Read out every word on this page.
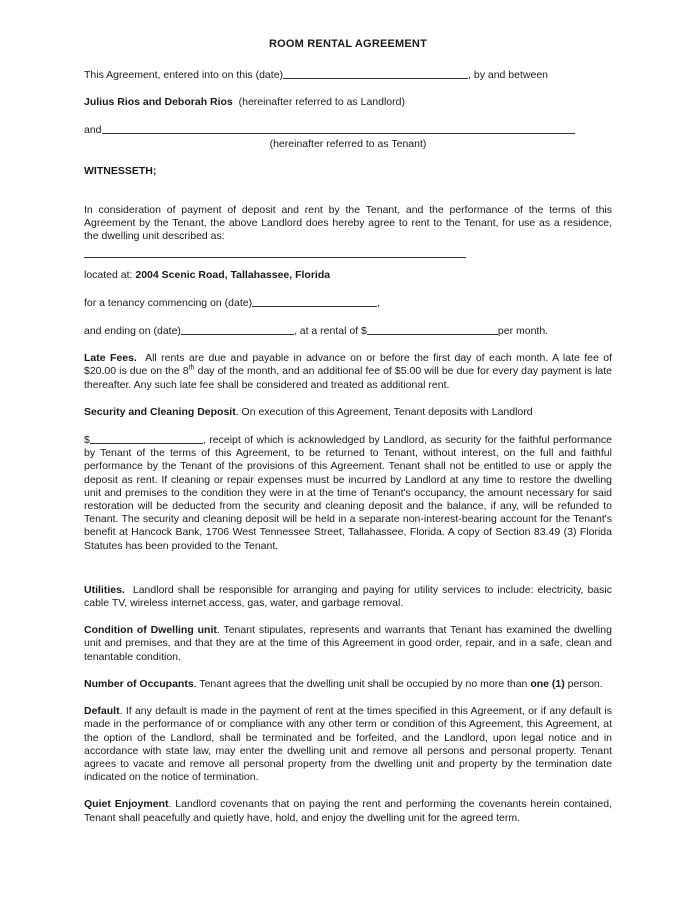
ROOM RENTAL AGREEMENT

This Agreement, entered into on this (date)	, by and between

Julius Rios and Deborah Rios (hereinafter referred to as Landlord)

and

(hereinafter referred to as Tenant)

WITNESSETH;

In consideration of payment of deposit and rent by the Tenant, and the performance of the terms of this Agreement by the Tenant, the above Landlord does hereby agree to rent to the Tenant, for use as a residence, the dwelling unit described as:

located at: 2004 Scenic Road, Tallahassee, Florida

for a tenancy commencing on (date)	,

and ending on (date)	, at a rental of $	per month.

Late Fees. All rents are due and payable in advance on or before the first day of each month. A late fee of $20.00 is due on the 8th day of the month, and an additional fee of $5.00 will be due for every day payment is late thereafter. Any such late fee shall be considered and treated as additional rent.

Security and Cleaning Deposit. On execution of this Agreement, Tenant deposits with Landlord

$	, receipt of which is acknowledged by Landlord, as security for the faithful performance by Tenant of the terms of this Agreement, to be returned to Tenant, without interest, on the full and faithful performance by the Tenant of the provisions of this Agreement. Tenant shall not be entitled to use or apply the deposit as rent. If cleaning or repair expenses must be incurred by Landlord at any time to restore the dwelling unit and premises to the condition they were in at the time of Tenant's occupancy, the amount necessary for said restoration will be deducted from the security and cleaning deposit and the balance, if any, will be refunded to Tenant. The security and cleaning deposit will be held in a separate non-interest-bearing account for the Tenant's benefit at Hancock Bank, 1706 West Tennessee Street, Tallahassee, Florida. A copy of Section 83.49 (3) Florida Statutes has been provided to the Tenant.

Utilities. Landlord shall be responsible for arranging and paying for utility services to include: electricity, basic cable TV, wireless internet access, gas, water, and garbage removal.

Condition of Dwelling unit. Tenant stipulates, represents and warrants that Tenant has examined the dwelling unit and premises, and that they are at the time of this Agreement in good order, repair, and in a safe, clean and tenantable condition.

Number of Occupants. Tenant agrees that the dwelling unit shall be occupied by no more than one (1) person.

Default. If any default is made in the payment of rent at the times specified in this Agreement, or if any default is made in the performance of or compliance with any other term or condition of this Agreement, this Agreement, at the option of the Landlord, shall be terminated and be forfeited, and the Landlord, upon legal notice and in accordance with state law, may enter the dwelling unit and remove all persons and personal property. Tenant agrees to vacate and remove all personal property from the dwelling unit and property by the termination date indicated on the notice of termination.

Quiet Enjoyment. Landlord covenants that on paying the rent and performing the covenants herein contained, Tenant shall peacefully and quietly have, hold, and enjoy the dwelling unit for the agreed term.
